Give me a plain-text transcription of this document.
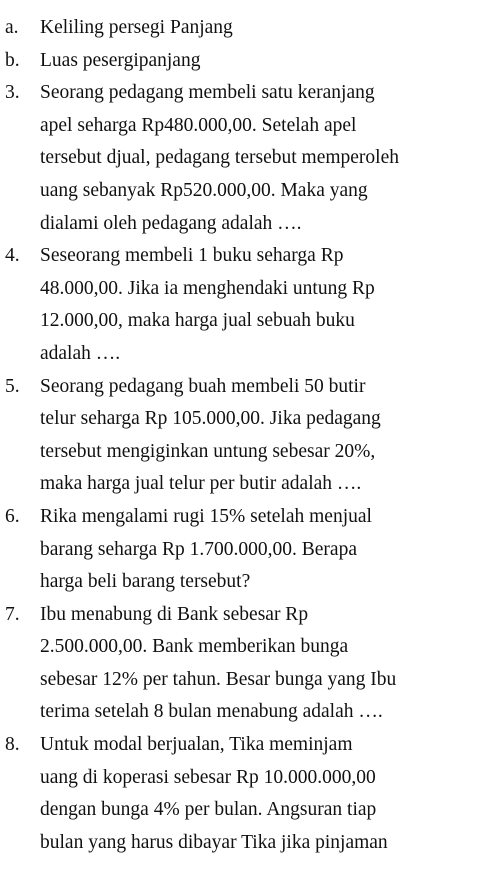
a.	Keliling persegi Panjang
b.	Luas pesergipanjang
3.	Seorang pedagang membeli satu keranjang
apel seharga Rp480.000,00. Setelah apel
tersebut djual, pedagang tersebut memperoleh
uang sebanyak Rp520.000,00. Maka yang
dialami oleh pedagang adalah ….
4.	Seseorang membeli 1 buku seharga Rp
48.000,00. Jika ia menghendaki untung Rp
12.000,00, maka harga jual sebuah buku
adalah ….
5.	Seorang pedagang buah membeli 50 butir
telur seharga Rp 105.000,00. Jika pedagang
tersebut mengiginkan untung sebesar 20%,
maka harga jual telur per butir adalah ….
6.	Rika mengalami rugi 15% setelah menjual
barang seharga Rp 1.700.000,00. Berapa
harga beli barang tersebut?
7.	Ibu menabung di Bank sebesar Rp
2.500.000,00. Bank memberikan bunga
sebesar 12% per tahun. Besar bunga yang Ibu
terima setelah 8 bulan menabung adalah ….
8.	Untuk modal berjualan, Tika meminjam
uang di koperasi sebesar Rp 10.000.000,00
dengan bunga 4% per bulan. Angsuran tiap
bulan yang harus dibayar Tika jika pinjaman
